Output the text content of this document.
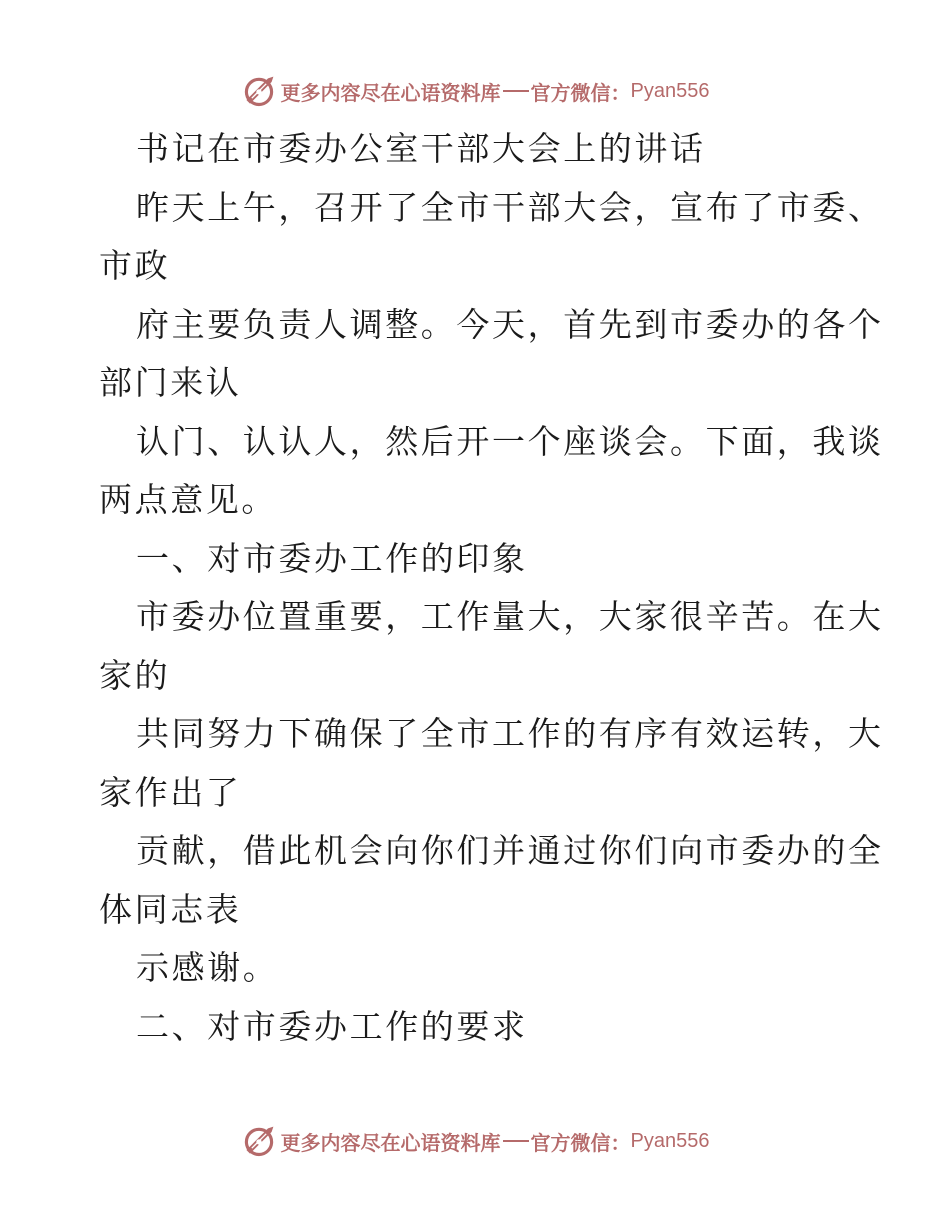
更多内容尽在心语资料库 官方微信： Pyan556
书记在市委办公室干部大会上的讲话
昨天上午，召开了全市干部大会，宣布了市委、
市政
府主要负责人调整。今天，首先到市委办的各个
部门来认
认门、认认人，然后开一个座谈会。下面，我谈
两点意见。
一、对市委办工作的印象
市委办位置重要，工作量大，大家很辛苦。在大
家的
共同努力下确保了全市工作的有序有效运转，大
家作出了
贡献，借此机会向你们并通过你们向市委办的全
体同志表
示感谢。
二、对市委办工作的要求
更多内容尽在心语资料库 官方微信： Pyan556
